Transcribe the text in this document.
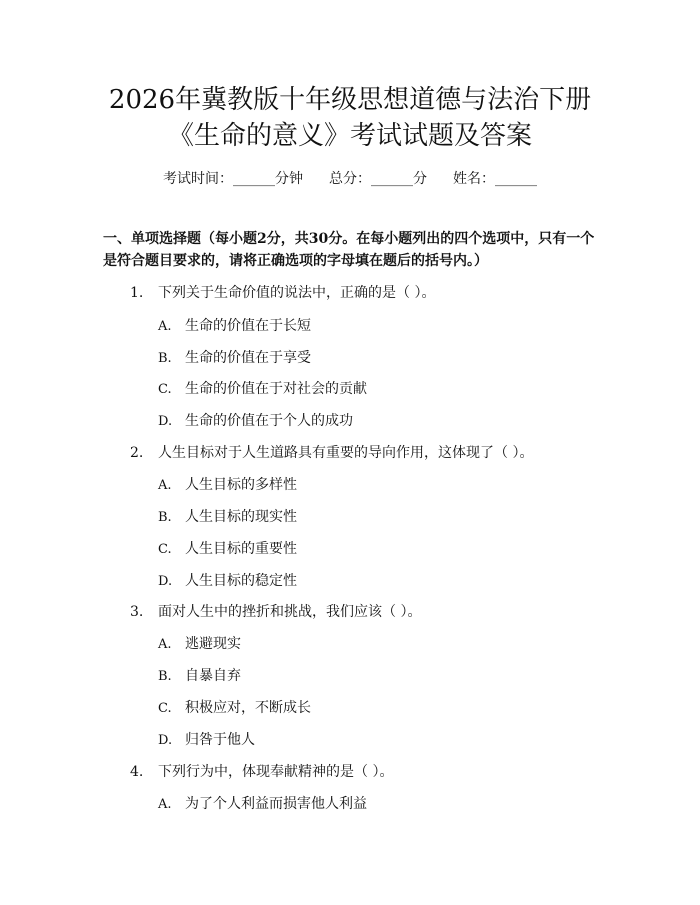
2026年冀教版十年级思想道德与法治下册
《生命的意义》考试试题及答案
考试时间：______分钟 总分：______分 姓名：______
一、单项选择题（每小题2分，共30分。在每小题列出的四个选项中，只有一个是符合题目要求的，请将正确选项的字母填在题后的括号内。）
1. 下列关于生命价值的说法中，正确的是（ ）。
A. 生命的价值在于长短
B. 生命的价值在于享受
C. 生命的价值在于对社会的贡献
D. 生命的价值在于个人的成功
2. 人生目标对于人生道路具有重要的导向作用，这体现了（ ）。
A. 人生目标的多样性
B. 人生目标的现实性
C. 人生目标的重要性
D. 人生目标的稳定性
3. 面对人生中的挫折和挑战，我们应该（ ）。
A. 逃避现实
B. 自暴自弃
C. 积极应对，不断成长
D. 归咎于他人
4. 下列行为中，体现奉献精神的是（ ）。
A. 为了个人利益而损害他人利益
